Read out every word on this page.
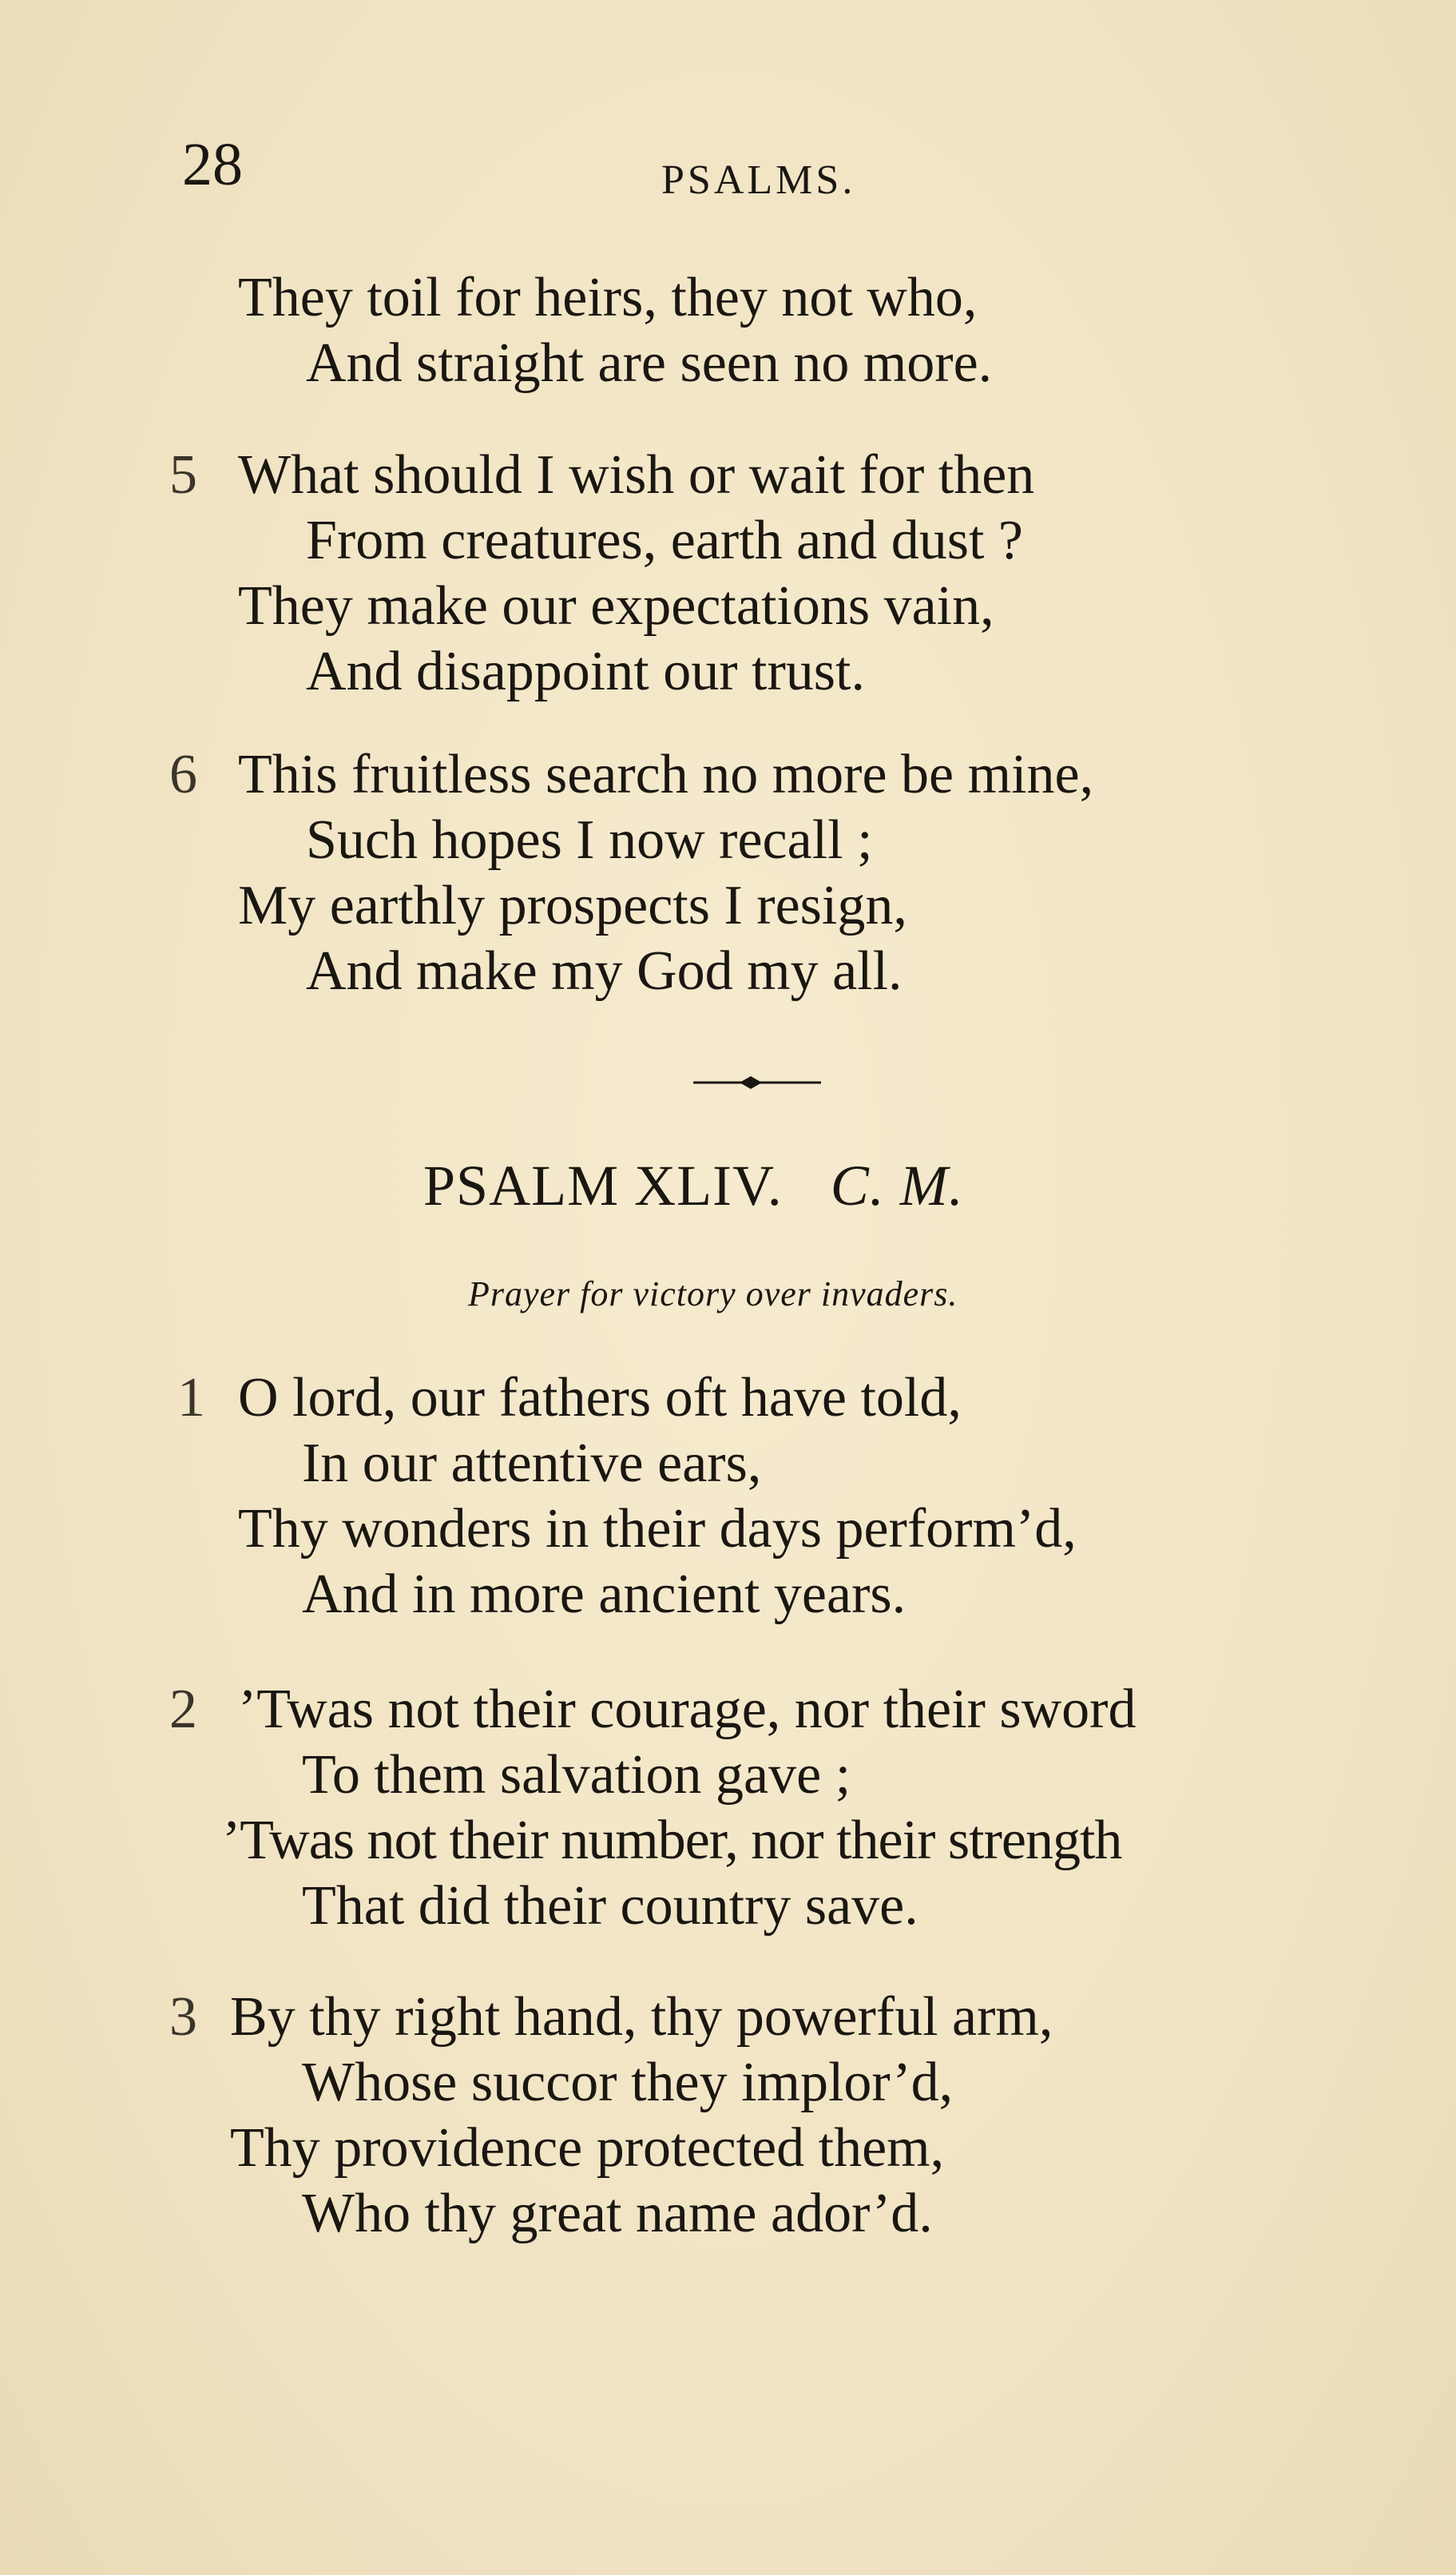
28	PSALMS.
They toil for heirs, they not who,
And straight are seen no more.
5 What should I wish or wait for then
From creatures, earth and dust ?
They make our expectations vain,
And disappoint our trust.
6 This fruitless search no more be mine,
Such hopes I now recall ;
My earthly prospects I resign,
And make my God my all.
PSALM XLIV. C. M.
Prayer for victory over invaders.
1 O lord, our fathers oft have told,
In our attentive ears,
Thy wonders in their days perform’d,
And in more ancient years.
2 ’Twas not their courage, nor their sword
To them salvation gave ;
’Twas not their number, nor their strength
That did their country save.
3 By thy right hand, thy powerful arm,
Whose succor they implor’d,
Thy providence protected them,
Who thy great name ador’d.
